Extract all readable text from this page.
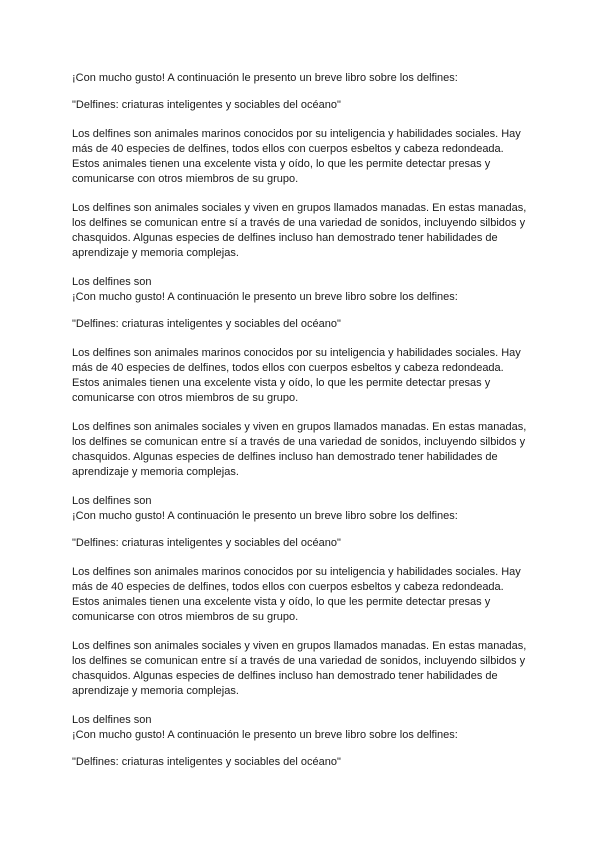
¡Con mucho gusto! A continuación le presento un breve libro sobre los delfines:

"Delfines: criaturas inteligentes y sociables del océano"

Los delfines son animales marinos conocidos por su inteligencia y habilidades sociales. Hay más de 40 especies de delfines, todos ellos con cuerpos esbeltos y cabeza redondeada. Estos animales tienen una excelente vista y oído, lo que les permite detectar presas y comunicarse con otros miembros de su grupo.

Los delfines son animales sociales y viven en grupos llamados manadas. En estas manadas, los delfines se comunican entre sí a través de una variedad de sonidos, incluyendo silbidos y chasquidos. Algunas especies de delfines incluso han demostrado tener habilidades de aprendizaje y memoria complejas.

Los delfines son

¡Con mucho gusto! A continuación le presento un breve libro sobre los delfines:

"Delfines: criaturas inteligentes y sociables del océano"

Los delfines son animales marinos conocidos por su inteligencia y habilidades sociales. Hay más de 40 especies de delfines, todos ellos con cuerpos esbeltos y cabeza redondeada. Estos animales tienen una excelente vista y oído, lo que les permite detectar presas y comunicarse con otros miembros de su grupo.

Los delfines son animales sociales y viven en grupos llamados manadas. En estas manadas, los delfines se comunican entre sí a través de una variedad de sonidos, incluyendo silbidos y chasquidos. Algunas especies de delfines incluso han demostrado tener habilidades de aprendizaje y memoria complejas.

Los delfines son

¡Con mucho gusto! A continuación le presento un breve libro sobre los delfines:

"Delfines: criaturas inteligentes y sociables del océano"

Los delfines son animales marinos conocidos por su inteligencia y habilidades sociales. Hay más de 40 especies de delfines, todos ellos con cuerpos esbeltos y cabeza redondeada. Estos animales tienen una excelente vista y oído, lo que les permite detectar presas y comunicarse con otros miembros de su grupo.

Los delfines son animales sociales y viven en grupos llamados manadas. En estas manadas, los delfines se comunican entre sí a través de una variedad de sonidos, incluyendo silbidos y chasquidos. Algunas especies de delfines incluso han demostrado tener habilidades de aprendizaje y memoria complejas.

Los delfines son

¡Con mucho gusto! A continuación le presento un breve libro sobre los delfines:

"Delfines: criaturas inteligentes y sociables del océano"
